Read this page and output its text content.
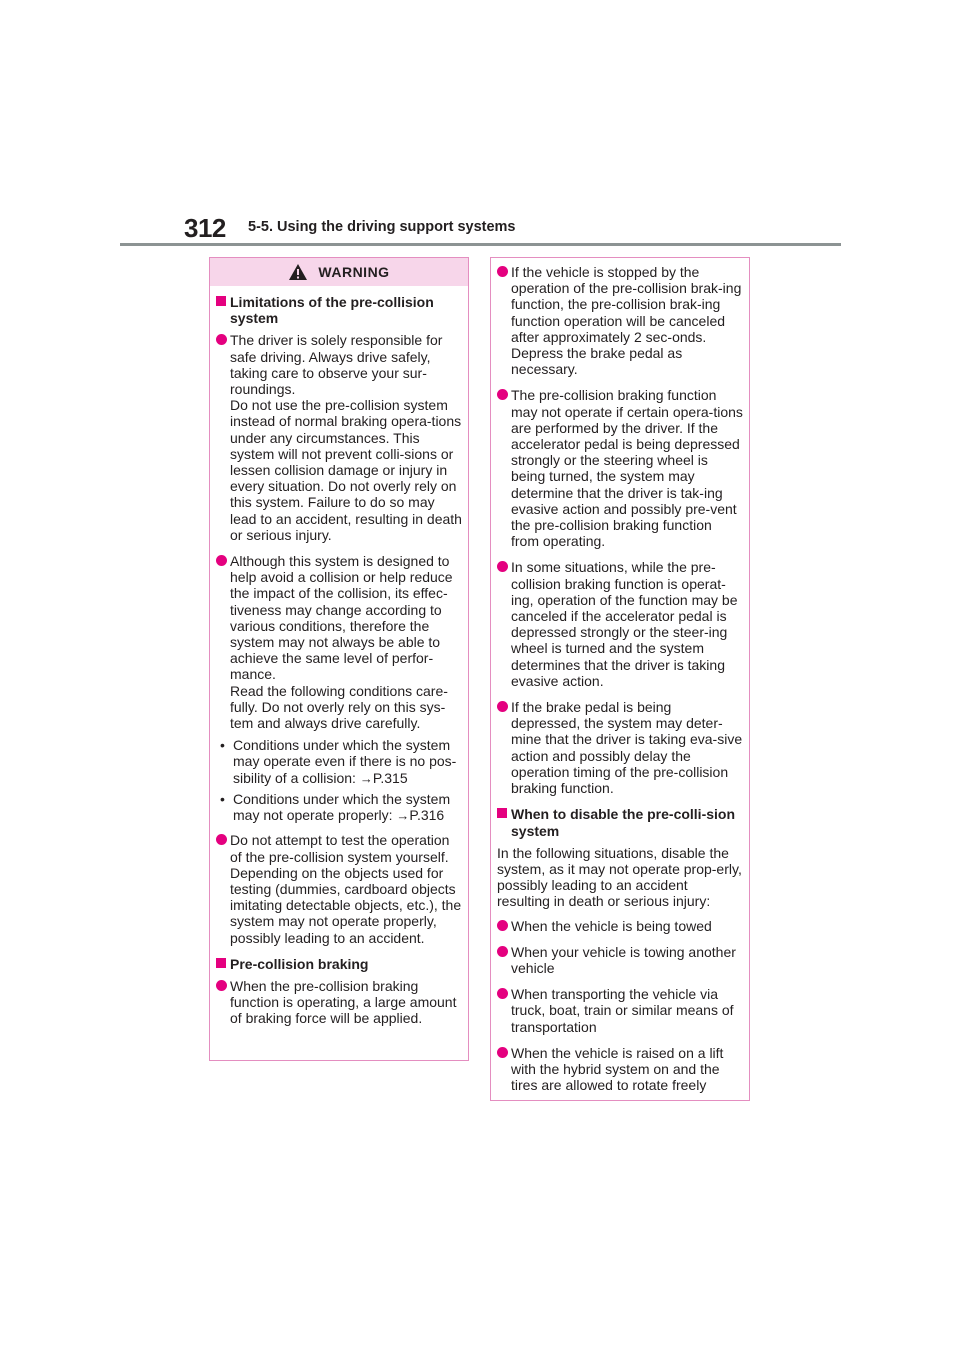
312 5-5. Using the driving support systems
WARNING
Limitations of the pre-collision system
The driver is solely responsible for safe driving. Always drive safely, taking care to observe your sur-roundings.
Do not use the pre-collision system instead of normal braking opera-tions under any circumstances. This system will not prevent colli-sions or lessen collision damage or injury in every situation. Do not overly rely on this system. Failure to do so may lead to an accident, resulting in death or serious injury.
Although this system is designed to help avoid a collision or help reduce the impact of the collision, its effec-tiveness may change according to various conditions, therefore the system may not always be able to achieve the same level of perfor-mance.
Read the following conditions care-fully. Do not overly rely on this sys-tem and always drive carefully.
• Conditions under which the system may operate even if there is no pos-sibility of a collision: →P.315
• Conditions under which the system may not operate properly: →P.316
Do not attempt to test the operation of the pre-collision system yourself. Depending on the objects used for testing (dummies, cardboard objects imitating detectable objects, etc.), the system may not operate properly, possibly leading to an accident.
Pre-collision braking
When the pre-collision braking function is operating, a large amount of braking force will be applied.
If the vehicle is stopped by the operation of the pre-collision brak-ing function, the pre-collision brak-ing function operation will be canceled after approximately 2 sec-onds. Depress the brake pedal as necessary.
The pre-collision braking function may not operate if certain opera-tions are performed by the driver. If the accelerator pedal is being depressed strongly or the steering wheel is being turned, the system may determine that the driver is tak-ing evasive action and possibly pre-vent the pre-collision braking function from operating.
In some situations, while the pre-collision braking function is operat-ing, operation of the function may be canceled if the accelerator pedal is depressed strongly or the steer-ing wheel is turned and the system determines that the driver is taking evasive action.
If the brake pedal is being depressed, the system may deter-mine that the driver is taking eva-sive action and possibly delay the operation timing of the pre-collision braking function.
When to disable the pre-colli-sion system
In the following situations, disable the system, as it may not operate prop-erly, possibly leading to an accident resulting in death or serious injury:
When the vehicle is being towed
When your vehicle is towing another vehicle
When transporting the vehicle via truck, boat, train or similar means of transportation
When the vehicle is raised on a lift with the hybrid system on and the tires are allowed to rotate freely
